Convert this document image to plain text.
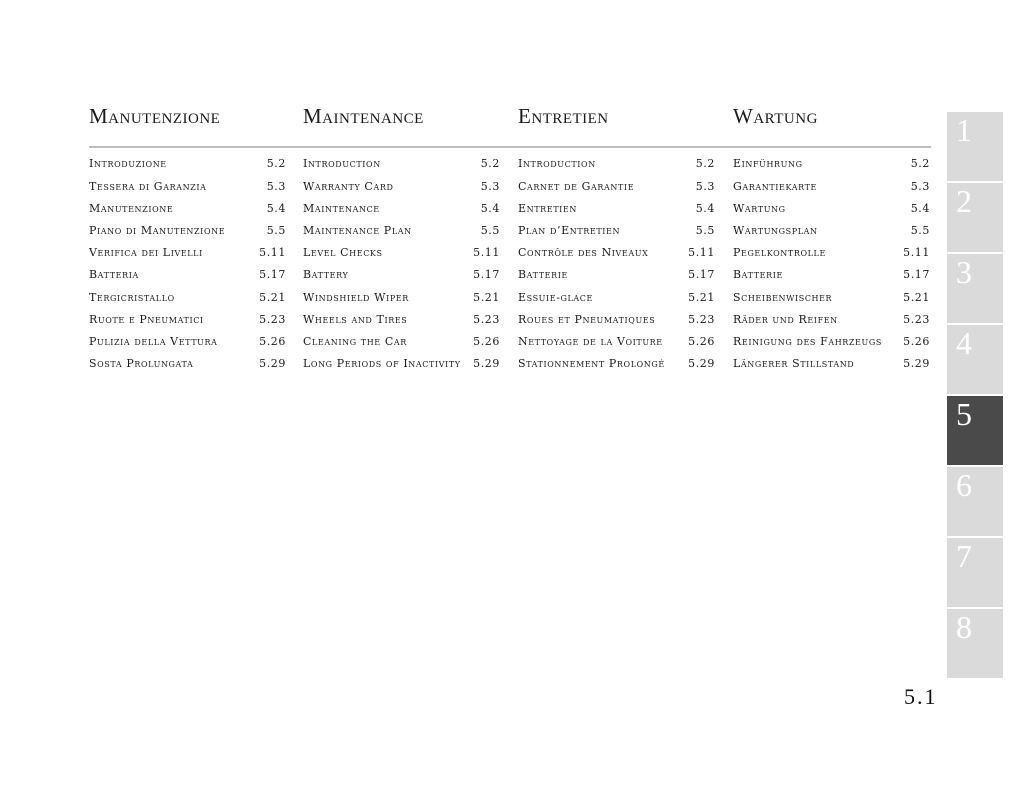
Manutenzione
Introduzione	5.2
Tessera di Garanzia	5.3
Manutenzione	5.4
Piano di Manutenzione	5.5
Verifica dei Livelli	5.11
Batteria	5.17
Tergicristallo	5.21
Ruote e Pneumatici	5.23
Pulizia della Vettura	5.26
Sosta Prolungata	5.29
Maintenance
Introduction	5.2
Warranty Card	5.3
Maintenance	5.4
Maintenance Plan	5.5
Level Checks	5.11
Battery	5.17
Windshield Wiper	5.21
Wheels and Tires	5.23
Cleaning the Car	5.26
Long Periods of Inactivity 5.29
Entretien
Introduction	5.2
Carnet de Garantie	5.3
Entretien	5.4
Plan d’Entretien	5.5
Contrôle des Niveaux	5.11
Batterie	5.17
Essuie-glace	5.21
Roues et Pneumatiques	5.23
Nettoyage de la Voiture 5.26
Stationnement Prolongé 5.29
Wartung
Einführung	5.2
Garantiekarte	5.3
Wartung	5.4
Wartungsplan	5.5
Pegelkontrolle	5.11
Batterie	5.17
Scheibenwischer	5.21
Räder und Reifen	5.23
Reinigung des Fahrzeugs 5.26
Längerer Stillstand	5.29
1
2
3
4
5
6
7
8
5.1
